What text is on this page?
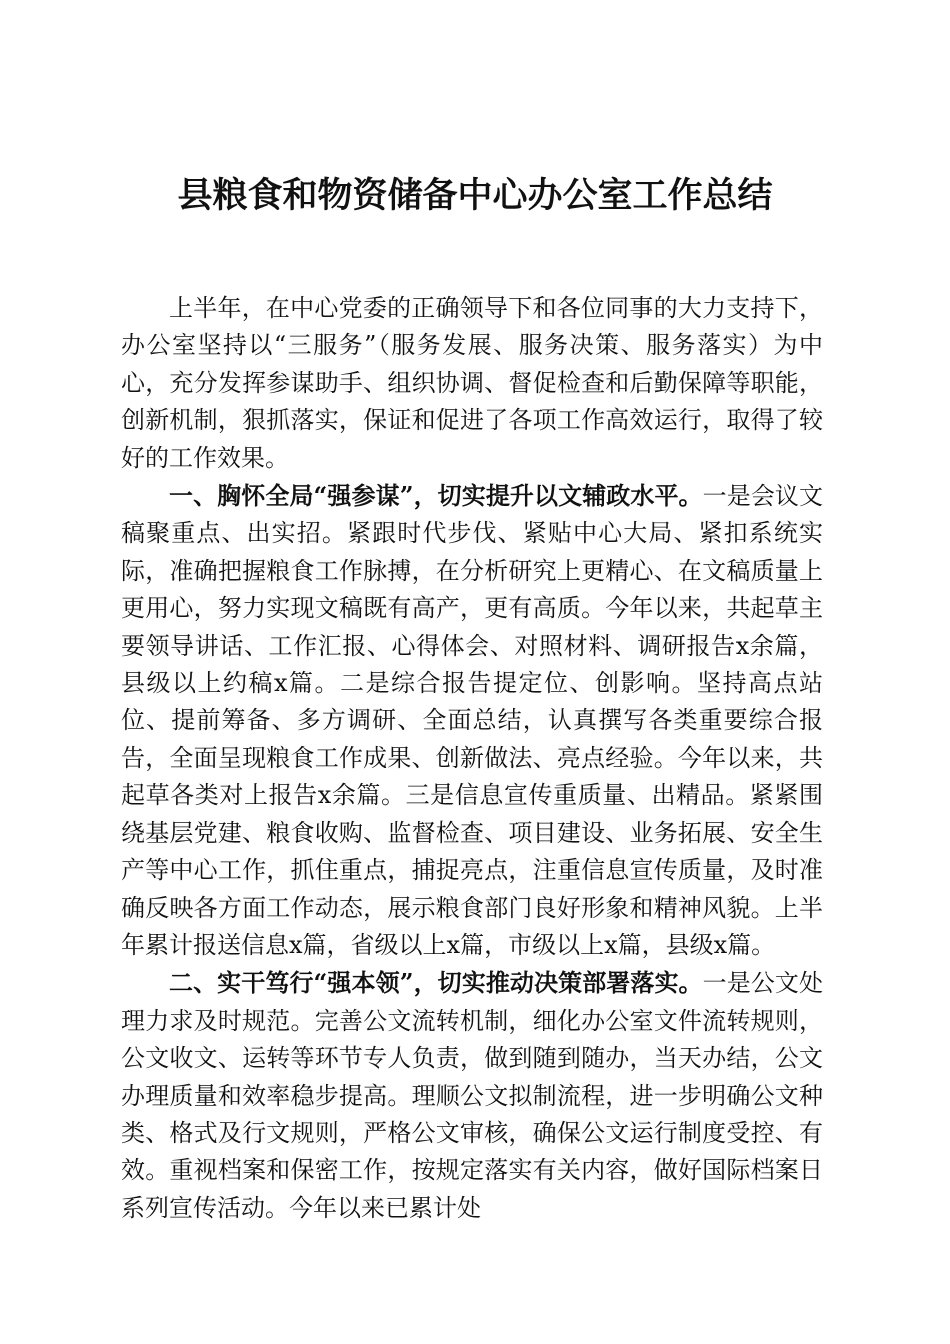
县粮食和物资储备中心办公室工作总结

上半年，在中心党委的正确领导下和各位同事的大力支持下，办公室坚持以“三服务”（服务发展、服务决策、服务落实）为中心，充分发挥参谋助手、组织协调、督促检查和后勤保障等职能，创新机制，狠抓落实，保证和促进了各项工作高效运行，取得了较好的工作效果。

一、胸怀全局“强参谋”，切实提升以文辅政水平。一是会议文稿聚重点、出实招。紧跟时代步伐、紧贴中心大局、紧扣系统实际，准确把握粮食工作脉搏，在分析研究上更精心、在文稿质量上更用心，努力实现文稿既有高产，更有高质。今年以来，共起草主要领导讲话、工作汇报、心得体会、对照材料、调研报告x余篇，县级以上约稿x篇。二是综合报告提定位、创影响。坚持高点站位、提前筹备、多方调研、全面总结，认真撰写各类重要综合报告，全面呈现粮食工作成果、创新做法、亮点经验。今年以来，共起草各类对上报告x余篇。三是信息宣传重质量、出精品。紧紧围绕基层党建、粮食收购、监督检查、项目建设、业务拓展、安全生产等中心工作，抓住重点，捕捉亮点，注重信息宣传质量，及时准确反映各方面工作动态，展示粮食部门良好形象和精神风貌。上半年累计报送信息x篇，省级以上x篇，市级以上x篇，县级x篇。

二、实干笃行“强本领”，切实推动决策部署落实。一是公文处理力求及时规范。完善公文流转机制，细化办公室文件流转规则，公文收文、运转等环节专人负责，做到随到随办，当天办结，公文办理质量和效率稳步提高。理顺公文拟制流程，进一步明确公文种类、格式及行文规则，严格公文审核，确保公文运行制度受控、有效。重视档案和保密工作，按规定落实有关内容，做好国际档案日系列宣传活动。今年以来已累计处
